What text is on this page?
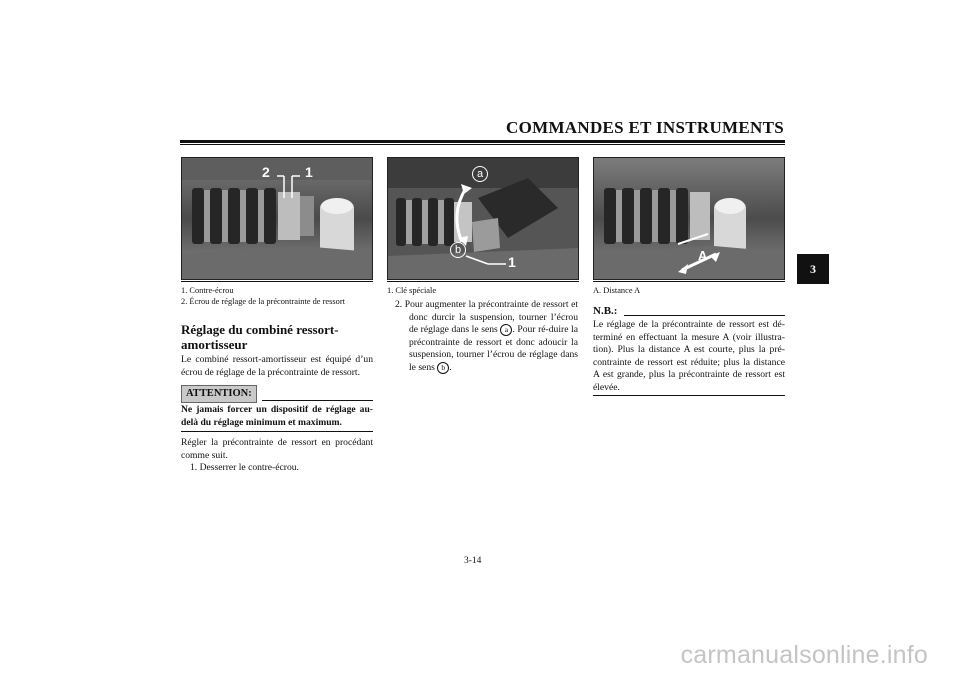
COMMANDES ET INSTRUMENTS
3
2	1
1. Contre-écrou
2. Écrou de réglage de la précontrainte de ressort
a
b
1
1. Clé spéciale
A
A. Distance A
Réglage du combiné ressort-amortisseur
Le combiné ressort-amortisseur est équipé d’un écrou de réglage de la précontrainte de ressort.
ATTENTION:
Ne jamais forcer un dispositif de réglage au-delà du réglage minimum et maximum.
Régler la précontrainte de ressort en procédant comme suit.
1. Desserrer le contre-écrou.
2. Pour augmenter la précontrainte de ressort et donc durcir la suspension, tourner l’écrou de réglage dans le sens a . Pour ré-duire la précontrainte de ressort et donc adoucir la suspension, tourner l’écrou de réglage dans le sens b .
N.B.:
Le réglage de la précontrainte de ressort est dé-terminé en effectuant la mesure A (voir illustra-tion). Plus la distance A est courte, plus la pré-contrainte de ressort est réduite; plus la distance A est grande, plus la précontrainte de ressort est élevée.
3-14
carmanualsonline.info
